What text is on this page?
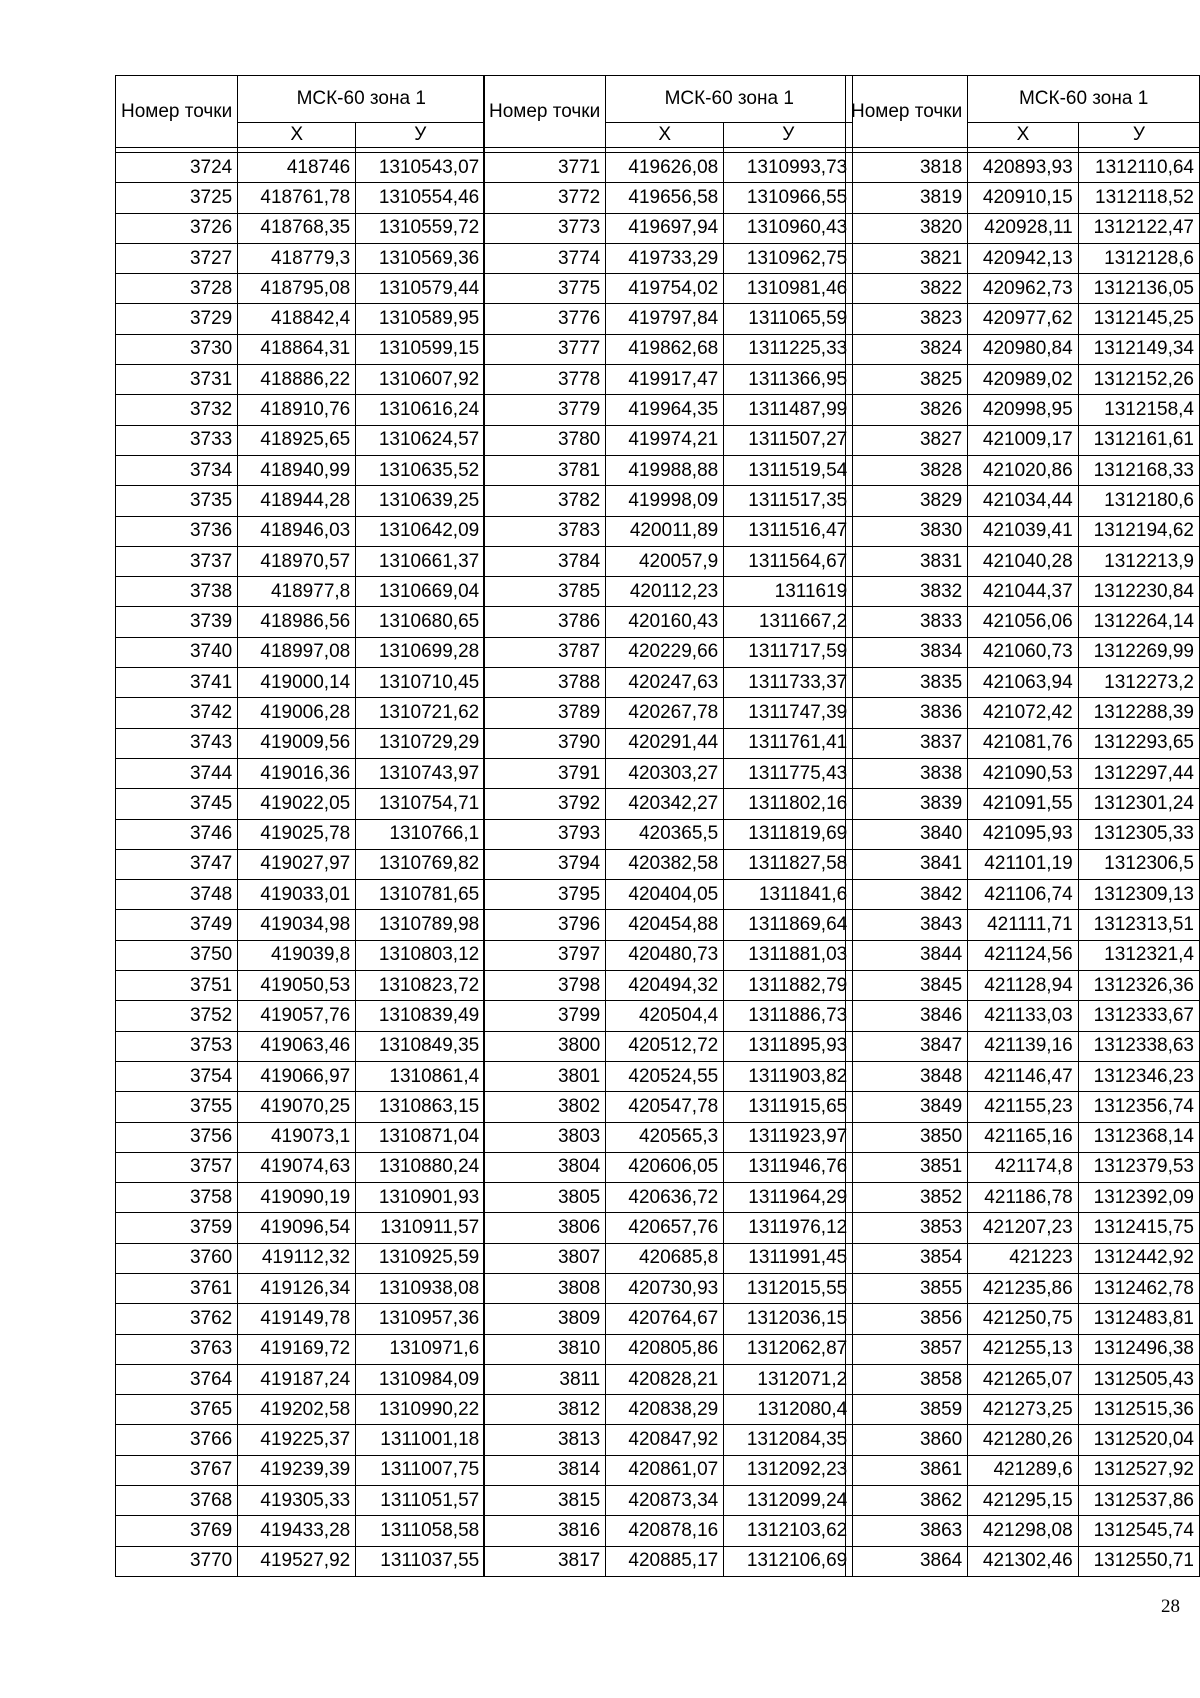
Номер точки	МСК-60 зона 1	
	X	У

3724	418746	1310543,07
3725	418761,78	1310554,46
3726	418768,35	1310559,72
3727	418779,3	1310569,36
3728	418795,08	1310579,44
3729	418842,4	1310589,95
3730	418864,31	1310599,15
3731	418886,22	1310607,92
3732	418910,76	1310616,24
3733	418925,65	1310624,57
3734	418940,99	1310635,52
3735	418944,28	1310639,25
3736	418946,03	1310642,09
3737	418970,57	1310661,37
3738	418977,8	1310669,04
3739	418986,56	1310680,65
3740	418997,08	1310699,28
3741	419000,14	1310710,45
3742	419006,28	1310721,62
3743	419009,56	1310729,29
3744	419016,36	1310743,97
3745	419022,05	1310754,71
3746	419025,78	1310766,1
3747	419027,97	1310769,82
3748	419033,01	1310781,65
3749	419034,98	1310789,98
3750	419039,8	1310803,12
3751	419050,53	1310823,72
3752	419057,76	1310839,49
3753	419063,46	1310849,35
3754	419066,97	1310861,4
3755	419070,25	1310863,15
3756	419073,1	1310871,04
3757	419074,63	1310880,24
3758	419090,19	1310901,93
3759	419096,54	1310911,57
3760	419112,32	1310925,59
3761	419126,34	1310938,08
3762	419149,78	1310957,36
3763	419169,72	1310971,6
3764	419187,24	1310984,09
3765	419202,58	1310990,22
3766	419225,37	1311001,18
3767	419239,39	1311007,75
3768	419305,33	1311051,57
3769	419433,28	1311058,58
3770	419527,92	1311037,55
Номер точки	МСК-60 зона 1	
	X	У

3771	419626,08	1310993,73
3772	419656,58	1310966,55
3773	419697,94	1310960,43
3774	419733,29	1310962,75
3775	419754,02	1310981,46
3776	419797,84	1311065,59
3777	419862,68	1311225,33
3778	419917,47	1311366,95
3779	419964,35	1311487,99
3780	419974,21	1311507,27
3781	419988,88	1311519,54
3782	419998,09	1311517,35
3783	420011,89	1311516,47
3784	420057,9	1311564,67
3785	420112,23	1311619
3786	420160,43	1311667,2
3787	420229,66	1311717,59
3788	420247,63	1311733,37
3789	420267,78	1311747,39
3790	420291,44	1311761,41
3791	420303,27	1311775,43
3792	420342,27	1311802,16
3793	420365,5	1311819,69
3794	420382,58	1311827,58
3795	420404,05	1311841,6
3796	420454,88	1311869,64
3797	420480,73	1311881,03
3798	420494,32	1311882,79
3799	420504,4	1311886,73
3800	420512,72	1311895,93
3801	420524,55	1311903,82
3802	420547,78	1311915,65
3803	420565,3	1311923,97
3804	420606,05	1311946,76
3805	420636,72	1311964,29
3806	420657,76	1311976,12
3807	420685,8	1311991,45
3808	420730,93	1312015,55
3809	420764,67	1312036,15
3810	420805,86	1312062,87
3811	420828,21	1312071,2
3812	420838,29	1312080,4
3813	420847,92	1312084,35
3814	420861,07	1312092,23
3815	420873,34	1312099,24
3816	420878,16	1312103,62
3817	420885,17	1312106,69
Номер точки	МСК-60 зона 1	
	X	У

3818	420893,93	1312110,64
3819	420910,15	1312118,52
3820	420928,11	1312122,47
3821	420942,13	1312128,6
3822	420962,73	1312136,05
3823	420977,62	1312145,25
3824	420980,84	1312149,34
3825	420989,02	1312152,26
3826	420998,95	1312158,4
3827	421009,17	1312161,61
3828	421020,86	1312168,33
3829	421034,44	1312180,6
3830	421039,41	1312194,62
3831	421040,28	1312213,9
3832	421044,37	1312230,84
3833	421056,06	1312264,14
3834	421060,73	1312269,99
3835	421063,94	1312273,2
3836	421072,42	1312288,39
3837	421081,76	1312293,65
3838	421090,53	1312297,44
3839	421091,55	1312301,24
3840	421095,93	1312305,33
3841	421101,19	1312306,5
3842	421106,74	1312309,13
3843	421111,71	1312313,51
3844	421124,56	1312321,4
3845	421128,94	1312326,36
3846	421133,03	1312333,67
3847	421139,16	1312338,63
3848	421146,47	1312346,23
3849	421155,23	1312356,74
3850	421165,16	1312368,14
3851	421174,8	1312379,53
3852	421186,78	1312392,09
3853	421207,23	1312415,75
3854	421223	1312442,92
3855	421235,86	1312462,78
3856	421250,75	1312483,81
3857	421255,13	1312496,38
3858	421265,07	1312505,43
3859	421273,25	1312515,36
3860	421280,26	1312520,04
3861	421289,6	1312527,92
3862	421295,15	1312537,86
3863	421298,08	1312545,74
3864	421302,46	1312550,71
28
